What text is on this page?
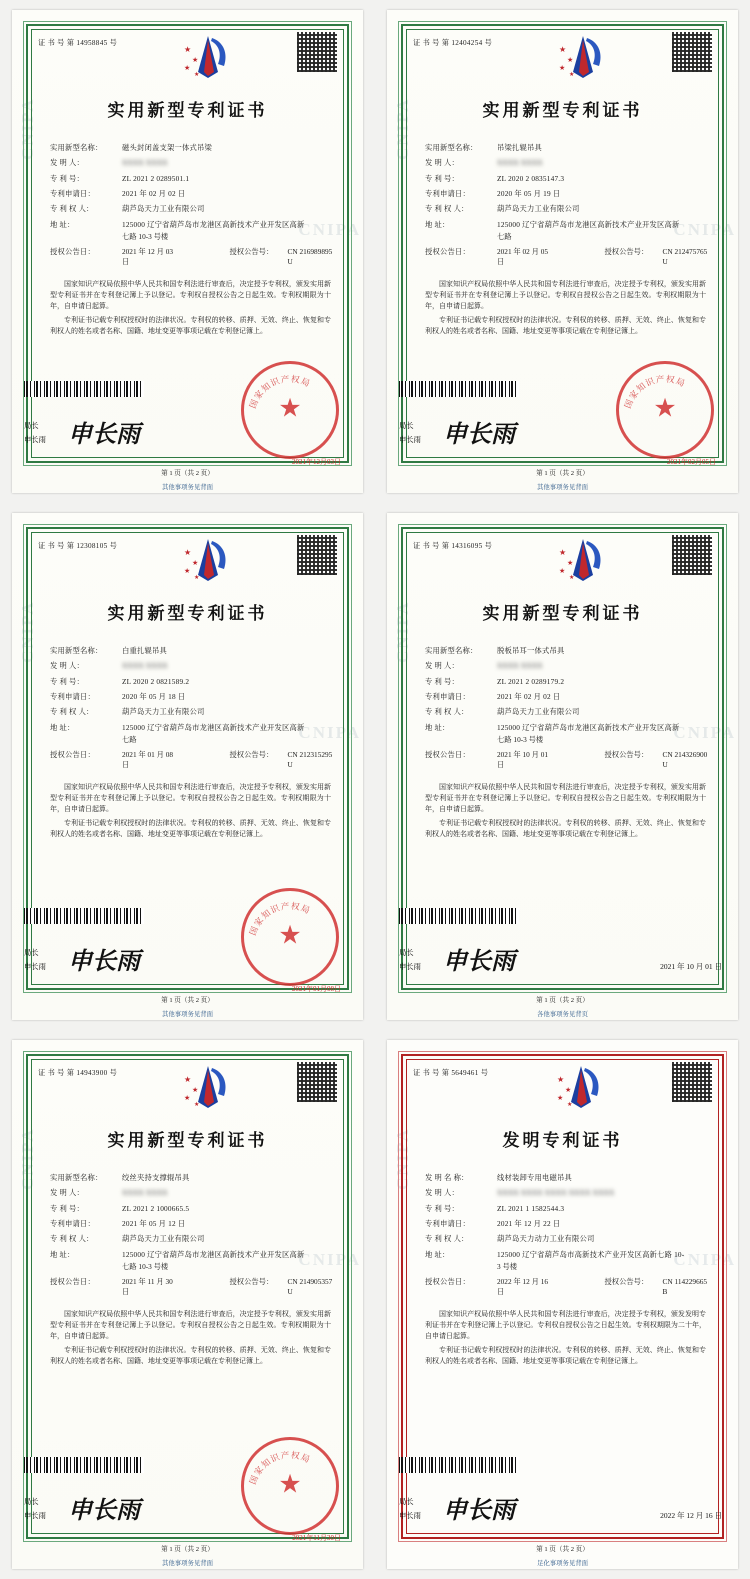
CNIPA
CNIPA
证 书 号 第 14958845 号
★
★
★
★
实用新型专利证书
实用新型名称：	磁头封闭盖支架一体式吊梁
发 明 人：	XXXX XXXX
专 利 号：	ZL 2021 2 0289501.1
专利申请日：	2021 年 02 月 02 日
专 利 权 人：	葫芦岛天力工业有限公司
地 址：	125000 辽宁省葫芦岛市龙港区高新技术产业开发区高新
七路 10-3 号楼
授权公告日：	2021 年 12 月 03 日
授权公告号：	CN 216989895 U

国家知识产权局依照中华人民共和国专利法进行审查后，决定授予专利权，颁发实用新型专利证书并在专利登记簿上予以登记。专利权自授权公告之日起生效。专利权期限为十年，自申请日起算。

专利证书记载专利权授权时的法律状况。专利权的转移、质押、无效、终止、恢复和专利权人的姓名或者名称、国籍、地址变更等事项记载在专利登记簿上。

局长
申长雨 申长雨
★
国家知识产权局
2021年12月03日
第 1 页（共 2 页）
其他事项务见背面
CNIPA
CNIPA
证 书 号 第 12404254 号
★
★
★
★
实用新型专利证书
实用新型名称：	吊梁扎辊吊具
发 明 人：	XXXX XXXX
专 利 号：	ZL 2020 2 0835147.3
专利申请日：	2020 年 05 月 19 日
专 利 权 人：	葫芦岛天力工业有限公司
地 址：	125000 辽宁省葫芦岛市龙港区高新技术产业开发区高新
七路
授权公告日：	2021 年 02 月 05 日
授权公告号：	CN 212475765 U

国家知识产权局依照中华人民共和国专利法进行审查后，决定授予专利权，颁发实用新型专利证书并在专利登记簿上予以登记。专利权自授权公告之日起生效。专利权期限为十年，自申请日起算。

专利证书记载专利权授权时的法律状况。专利权的转移、质押、无效、终止、恢复和专利权人的姓名或者名称、国籍、地址变更等事项记载在专利登记簿上。

局长
申长雨 申长雨
★
国家知识产权局
2021年02月05日
第 1 页（共 2 页）
其他事项务见背面
CNIPA
CNIPA
证 书 号 第 12308105 号
★
★
★
★
实用新型专利证书
实用新型名称：	白重扎辊吊具
发 明 人：	XXXX XXXX
专 利 号：	ZL 2020 2 0821589.2
专利申请日：	2020 年 05 月 18 日
专 利 权 人：	葫芦岛天力工业有限公司
地 址：	125000 辽宁省葫芦岛市龙港区高新技术产业开发区高新
七路
授权公告日：	2021 年 01 月 08 日
授权公告号：	CN 212315295 U

国家知识产权局依照中华人民共和国专利法进行审查后，决定授予专利权，颁发实用新型专利证书并在专利登记簿上予以登记。专利权自授权公告之日起生效。专利权期限为十年，自申请日起算。

专利证书记载专利权授权时的法律状况。专利权的转移、质押、无效、终止、恢复和专利权人的姓名或者名称、国籍、地址变更等事项记载在专利登记簿上。

局长
申长雨 申长雨
★
国家知识产权局
2021年01月08日
第 1 页（共 2 页）
其他事项务见背面
CNIPA
CNIPA
证 书 号 第 14316095 号
★
★
★
★
实用新型专利证书
实用新型名称：	脱板吊耳一体式吊具
发 明 人：	XXXX XXXX
专 利 号：	ZL 2021 2 0289179.2
专利申请日：	2021 年 02 月 02 日
专 利 权 人：	葫芦岛天力工业有限公司
地 址：	125000 辽宁省葫芦岛市龙港区高新技术产业开发区高新
七路 10-3 号楼
授权公告日：	2021 年 10 月 01 日
授权公告号：	CN 214326900 U

国家知识产权局依照中华人民共和国专利法进行审查后，决定授予专利权，颁发实用新型专利证书并在专利登记簿上予以登记。专利权自授权公告之日起生效。专利权期限为十年，自申请日起算。

专利证书记载专利权授权时的法律状况。专利权的转移、质押、无效、终止、恢复和专利权人的姓名或者名称、国籍、地址变更等事项记载在专利登记簿上。

局长
申长雨 申长雨	2021 年 10 月 01 日
第 1 页（共 2 页）
各他事项务见背页
CNIPA
CNIPA
证 书 号 第 14943900 号
★
★
★
★
实用新型专利证书
实用新型名称：	绞丝夹持支撑辊吊具
发 明 人：	XXXX XXXX
专 利 号：	ZL 2021 2 1000665.5
专利申请日：	2021 年 05 月 12 日
专 利 权 人：	葫芦岛天力工业有限公司
地 址：	125000 辽宁省葫芦岛市龙港区高新技术产业开发区高新
七路 10-3 号楼
授权公告日：	2021 年 11 月 30 日
授权公告号：	CN 214905357 U

国家知识产权局依照中华人民共和国专利法进行审查后，决定授予专利权，颁发实用新型专利证书并在专利登记簿上予以登记。专利权自授权公告之日起生效。专利权期限为十年，自申请日起算。

专利证书记载专利权授权时的法律状况。专利权的转移、质押、无效、终止、恢复和专利权人的姓名或者名称、国籍、地址变更等事项记载在专利登记簿上。

局长
申长雨 申长雨
★
国家知识产权局
2021年11月30日
第 1 页（共 2 页）
其他事项务见背面
CNIPA
CNIPA
证 书 号 第 5649461 号
★
★
★
★
发明专利证书
发 明 名 称：	线材装卸专用电磁吊具
发 明 人：	XXXX XXXX XXXX XXXX XXXX
专 利 号：	ZL 2021 1 1582544.3
专利申请日：	2021 年 12 月 22 日
专 利 权 人：	葫芦岛天力动力工业有限公司
地 址：	125000 辽宁省葫芦岛市高新技术产业开发区高新七路 10-
3 号楼
授权公告日：	2022 年 12 月 16 日
授权公告号：	CN 114229665 B

国家知识产权局依照中华人民共和国专利法进行审查后，决定授予专利权，颁发发明专利证书并在专利登记簿上予以登记。专利权自授权公告之日起生效。专利权期限为二十年，自申请日起算。

专利证书记载专利权授权时的法律状况。专利权的转移、质押、无效、终止、恢复和专利权人的姓名或者名称、国籍、地址变更等事项记载在专利登记簿上。

局长
申长雨 申长雨	2022 年 12 月 16 日
第 1 页（共 2 页）
足化事项务见背面
